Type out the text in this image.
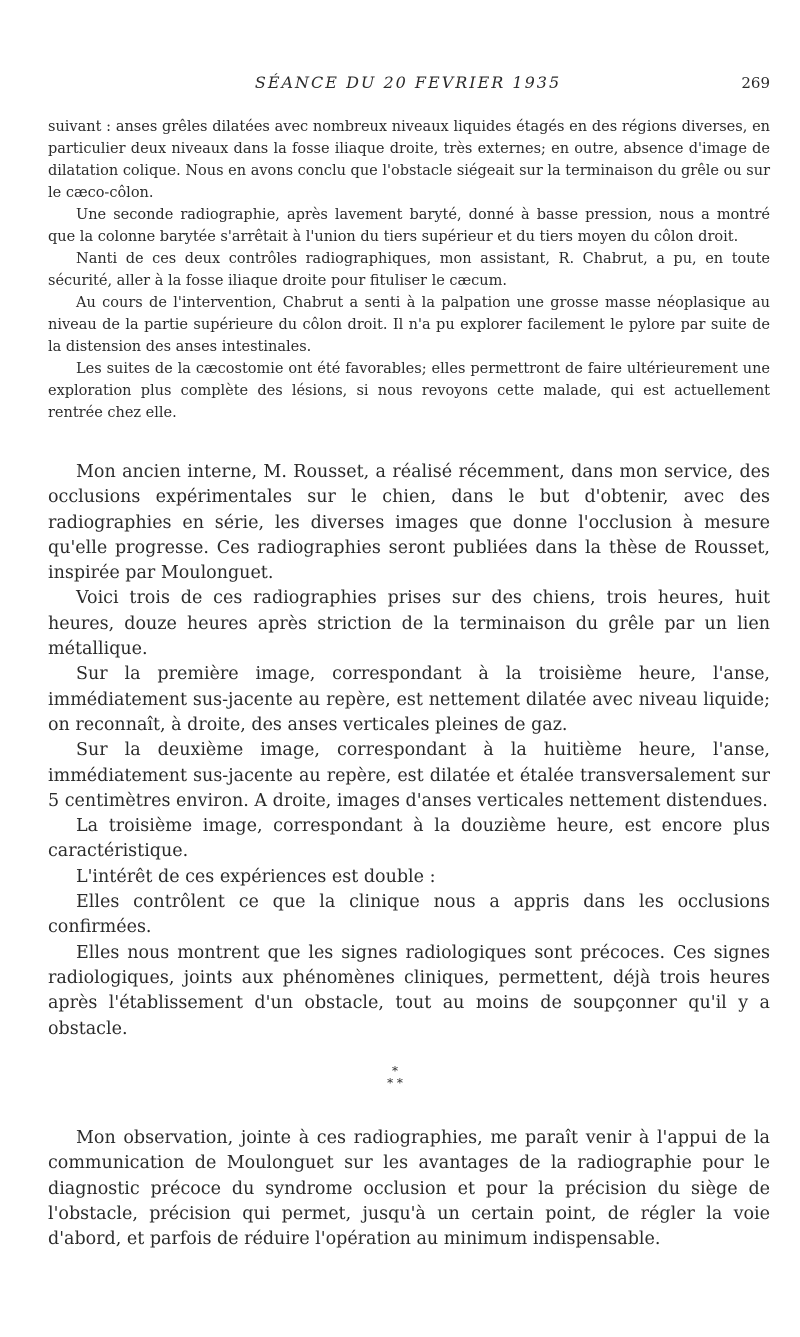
SÉANCE DU 20 FEVRIER 1935	269

suivant : anses grêles dilatées avec nombreux niveaux liquides étagés en des régions diverses, en particulier deux niveaux dans la fosse iliaque droite, très externes; en outre, absence d'image de dilatation colique. Nous en avons conclu que l'obstacle siégeait sur la terminaison du grêle ou sur le cæco-côlon.

Une seconde radiographie, après lavement baryté, donné à basse pression, nous a montré que la colonne barytée s'arrêtait à l'union du tiers supérieur et du tiers moyen du côlon droit.

Nanti de ces deux contrôles radiographiques, mon assistant, R. Chabrut, a pu, en toute sécurité, aller à la fosse iliaque droite pour fituliser le cæcum.

Au cours de l'intervention, Chabrut a senti à la palpation une grosse masse néoplasique au niveau de la partie supérieure du côlon droit. Il n'a pu explorer facilement le pylore par suite de la distension des anses intestinales.

Les suites de la cæcostomie ont été favorables; elles permettront de faire ultérieurement une exploration plus complète des lésions, si nous revoyons cette malade, qui est actuellement rentrée chez elle.

Mon ancien interne, M. Rousset, a réalisé récemment, dans mon service, des occlusions expérimentales sur le chien, dans le but d'obtenir, avec des radiographies en série, les diverses images que donne l'occlusion à mesure qu'elle progresse. Ces radiographies seront publiées dans la thèse de Rousset, inspirée par Moulonguet.

Voici trois de ces radiographies prises sur des chiens, trois heures, huit heures, douze heures après striction de la terminaison du grêle par un lien métallique.

Sur la première image, correspondant à la troisième heure, l'anse, immédiatement sus-jacente au repère, est nettement dilatée avec niveau liquide; on reconnaît, à droite, des anses verticales pleines de gaz.

Sur la deuxième image, correspondant à la huitième heure, l'anse, immédiatement sus-jacente au repère, est dilatée et étalée transversalement sur 5 centimètres environ. A droite, images d'anses verticales nettement distendues.

La troisième image, correspondant à la douzième heure, est encore plus caractéristique.

L'intérêt de ces expériences est double :

Elles contrôlent ce que la clinique nous a appris dans les occlusions confirmées.

Elles nous montrent que les signes radiologiques sont précoces. Ces signes radiologiques, joints aux phénomènes cliniques, permettent, déjà trois heures après l'établissement d'un obstacle, tout au moins de soupçonner qu'il y a obstacle.

*
* *

Mon observation, jointe à ces radiographies, me paraît venir à l'appui de la communication de Moulonguet sur les avantages de la radiographie pour le diagnostic précoce du syndrome occlusion et pour la précision du siège de l'obstacle, précision qui permet, jusqu'à un certain point, de régler la voie d'abord, et parfois de réduire l'opération au minimum indispensable.
